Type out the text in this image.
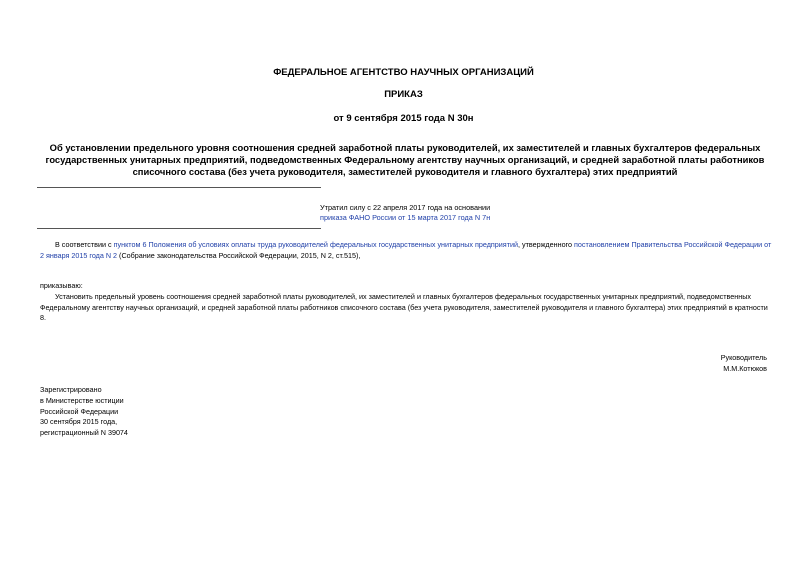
ФЕДЕРАЛЬНОЕ АГЕНТСТВО НАУЧНЫХ ОРГАНИЗАЦИЙ
ПРИКАЗ
от 9 сентября 2015 года N 30н
Об установлении предельного уровня соотношения средней заработной платы руководителей, их заместителей и главных бухгалтеров федеральных
государственных унитарных предприятий, подведомственных Федеральному агентству научных организаций, и средней заработной платы работников
списочного состава (без учета руководителя, заместителей руководителя и главного бухгалтера) этих предприятий
Утратил силу с 22 апреля 2017 года на основании
приказа ФАНО России от 15 марта 2017 года N 7н
В соответствии с пунктом 6 Положения об условиях оплаты труда руководителей федеральных государственных унитарных предприятий, утвержденного постановлением Правительства Российской Федерации от
2 января 2015 года N 2 (Собрание законодательства Российской Федерации, 2015, N 2, ст.515),
приказываю:
Установить предельный уровень соотношения средней заработной платы руководителей, их заместителей и главных бухгалтеров федеральных государственных унитарных предприятий, подведомственных
Федеральному агентству научных организаций, и средней заработной платы работников списочного состава (без учета руководителя, заместителей руководителя и главного бухгалтера) этих предприятий в кратности
8.
Руководитель
М.М.Котюков
Зарегистрировано
в Министерстве юстиции
Российской Федерации
30 сентября 2015 года,
регистрационный N 39074
